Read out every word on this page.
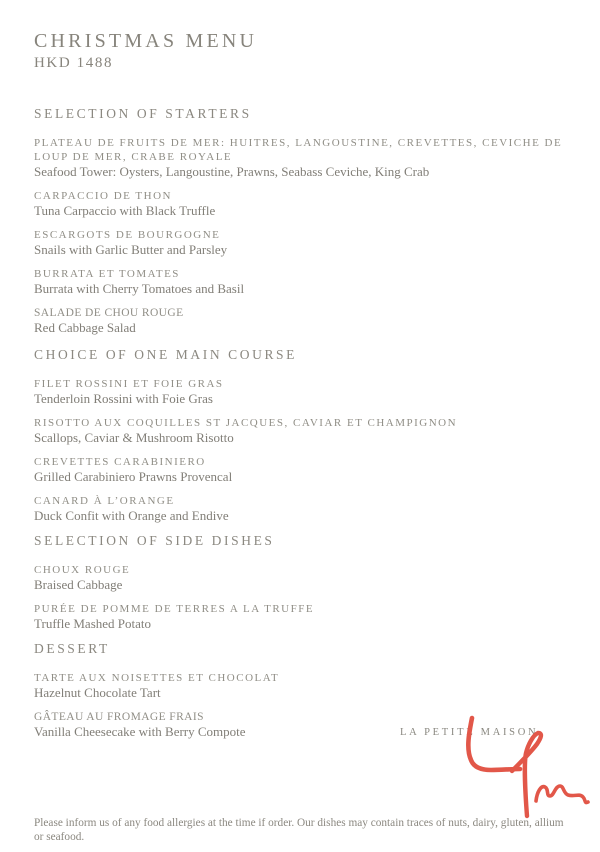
CHRISTMAS MENU
HKD 1488
SELECTION OF STARTERS
PLATEAU DE FRUITS DE MER: HUITRES, LANGOUSTINE, CREVETTES, CEVICHE DE LOUP DE MER, CRABE ROYALE
Seafood Tower: Oysters, Langoustine, Prawns, Seabass Ceviche, King Crab
CARPACCIO DE THON
Tuna Carpaccio with Black Truffle
ESCARGOTS DE BOURGOGNE
Snails with Garlic Butter and Parsley
BURRATA ET TOMATES
Burrata with Cherry Tomatoes and Basil
SALADE DE CHOU ROUGE
Red Cabbage Salad
CHOICE OF ONE MAIN COURSE
FILET ROSSINI ET FOIE GRAS
Tenderloin Rossini with Foie Gras
RISOTTO AUX COQUILLES ST JACQUES, CAVIAR ET CHAMPIGNON
Scallops, Caviar & Mushroom Risotto
CREVETTES CARABINIERO
Grilled Carabiniero Prawns Provencal
CANARD À L’ORANGE
Duck Confit with Orange and Endive
SELECTION OF SIDE DISHES
CHOUX ROUGE
Braised Cabbage
PURÉE DE POMME DE TERRES A LA TRUFFE
Truffle Mashed Potato
DESSERT
TARTE AUX NOISETTES ET CHOCOLAT
Hazelnut Chocolate Tart
GÂTEAU AU FROMAGE FRAIS
Vanilla Cheesecake with Berry Compote	LA PETITE MAISON
Please inform us of any food allergies at the time if order. Our dishes may contain traces of nuts, dairy, gluten, allium or seafood.
